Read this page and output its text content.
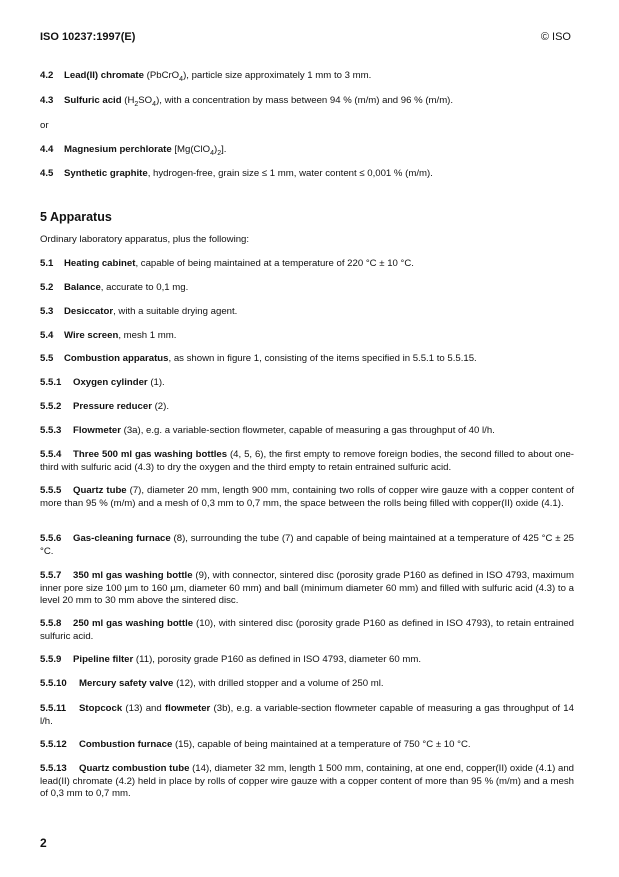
ISO 10237:1997(E)	© ISO
4.2 Lead(II) chromate (PbCrO$_4$), particle size approximately 1 mm to 3 mm.
4.3 Sulfuric acid $(H_2SO_4)$, with a concentration by mass between 94 % (m/m) and 96 % (m/m).
or
4.4 Magnesium perchlorate $[Mg(ClO_4)_2]$.
4.5 Synthetic graphite, hydrogen-free, grain size ≤ 1 mm, water content ≤ 0,001 % (m/m).
5 Apparatus
Ordinary laboratory apparatus, plus the following:
5.1 Heating cabinet, capable of being maintained at a temperature of 220 °C ± 10 °C.
5.2 Balance, accurate to 0,1 mg.
5.3 Desiccator, with a suitable drying agent.
5.4 Wire screen, mesh 1 mm.
5.5 Combustion apparatus, as shown in figure 1, consisting of the items specified in 5.5.1 to 5.5.15.
5.5.1 Oxygen cylinder (1).
5.5.2 Pressure reducer (2).
5.5.3 Flowmeter (3a), e.g. a variable-section flowmeter, capable of measuring a gas throughput of 40 l/h.
5.5.4 Three 500 ml gas washing bottles (4, 5, 6), the first empty to remove foreign bodies, the second filled to about one-third with sulfuric acid (4.3) to dry the oxygen and the third empty to retain entrained sulfuric acid.
5.5.5 Quartz tube (7), diameter 20 mm, length 900 mm, containing two rolls of copper wire gauze with a copper content of more than 95 % (m/m) and a mesh of 0,3 mm to 0,7 mm, the space between the rolls being filled with copper(II) oxide (4.1).
5.5.6 Gas-cleaning furnace (8), surrounding the tube (7) and capable of being maintained at a temperature of 425 °C ± 25 °C.
5.5.7 350 ml gas washing bottle (9), with connector, sintered disc (porosity grade P160 as defined in ISO 4793, maximum inner pore size 100 µm to 160 µm, diameter 60 mm) and ball (minimum diameter 60 mm) and filled with sulfuric acid (4.3) to a level 20 mm to 30 mm above the sintered disc.
5.5.8 250 ml gas washing bottle (10), with sintered disc (porosity grade P160 as defined in ISO 4793), to retain entrained sulfuric acid.
5.5.9 Pipeline filter (11), porosity grade P160 as defined in ISO 4793, diameter 60 mm.
5.5.10 Mercury safety valve (12), with drilled stopper and a volume of 250 ml.
5.5.11 Stopcock (13) and flowmeter (3b), e.g. a variable-section flowmeter capable of measuring a gas throughput of 14 l/h.
5.5.12 Combustion furnace (15), capable of being maintained at a temperature of 750 °C ± 10 °C.
5.5.13 Quartz combustion tube (14), diameter 32 mm, length 1 500 mm, containing, at one end, copper(II) oxide (4.1) and lead(II) chromate (4.2) held in place by rolls of copper wire gauze with a copper content of more than 95 % (m/m) and a mesh of 0,3 mm to 0,7 mm.
2
